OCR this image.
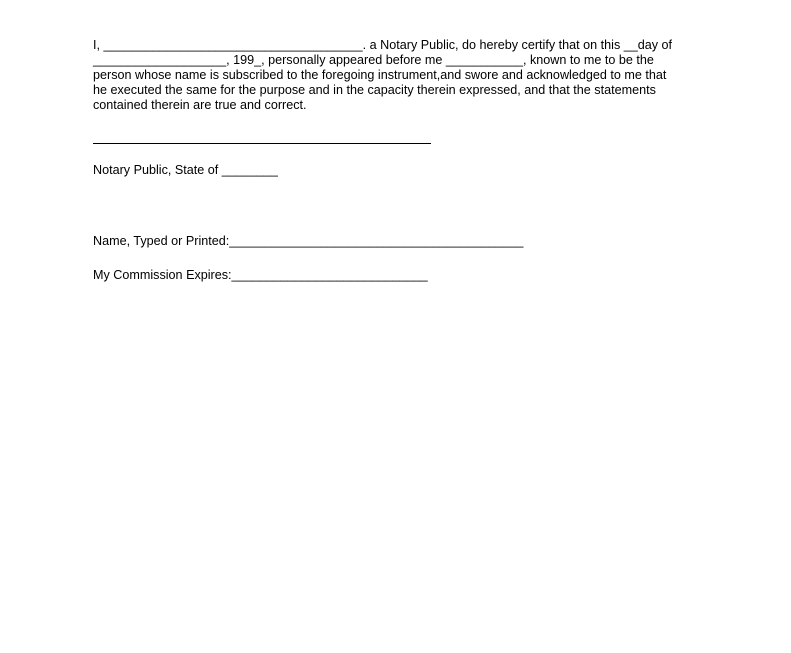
I, _____________________________________. a Notary Public, do hereby certify that on this __day of
___________________, 199_, personally appeared before me ___________, known to me to be the
person whose name is subscribed to the foregoing instrument,and swore and acknowledged to me that
he executed the same for the purpose and in the capacity therein expressed, and that the statements
contained therein are true and correct.
Notary Public, State of ________
Name, Typed or Printed:__________________________________________
My Commission Expires:____________________________
